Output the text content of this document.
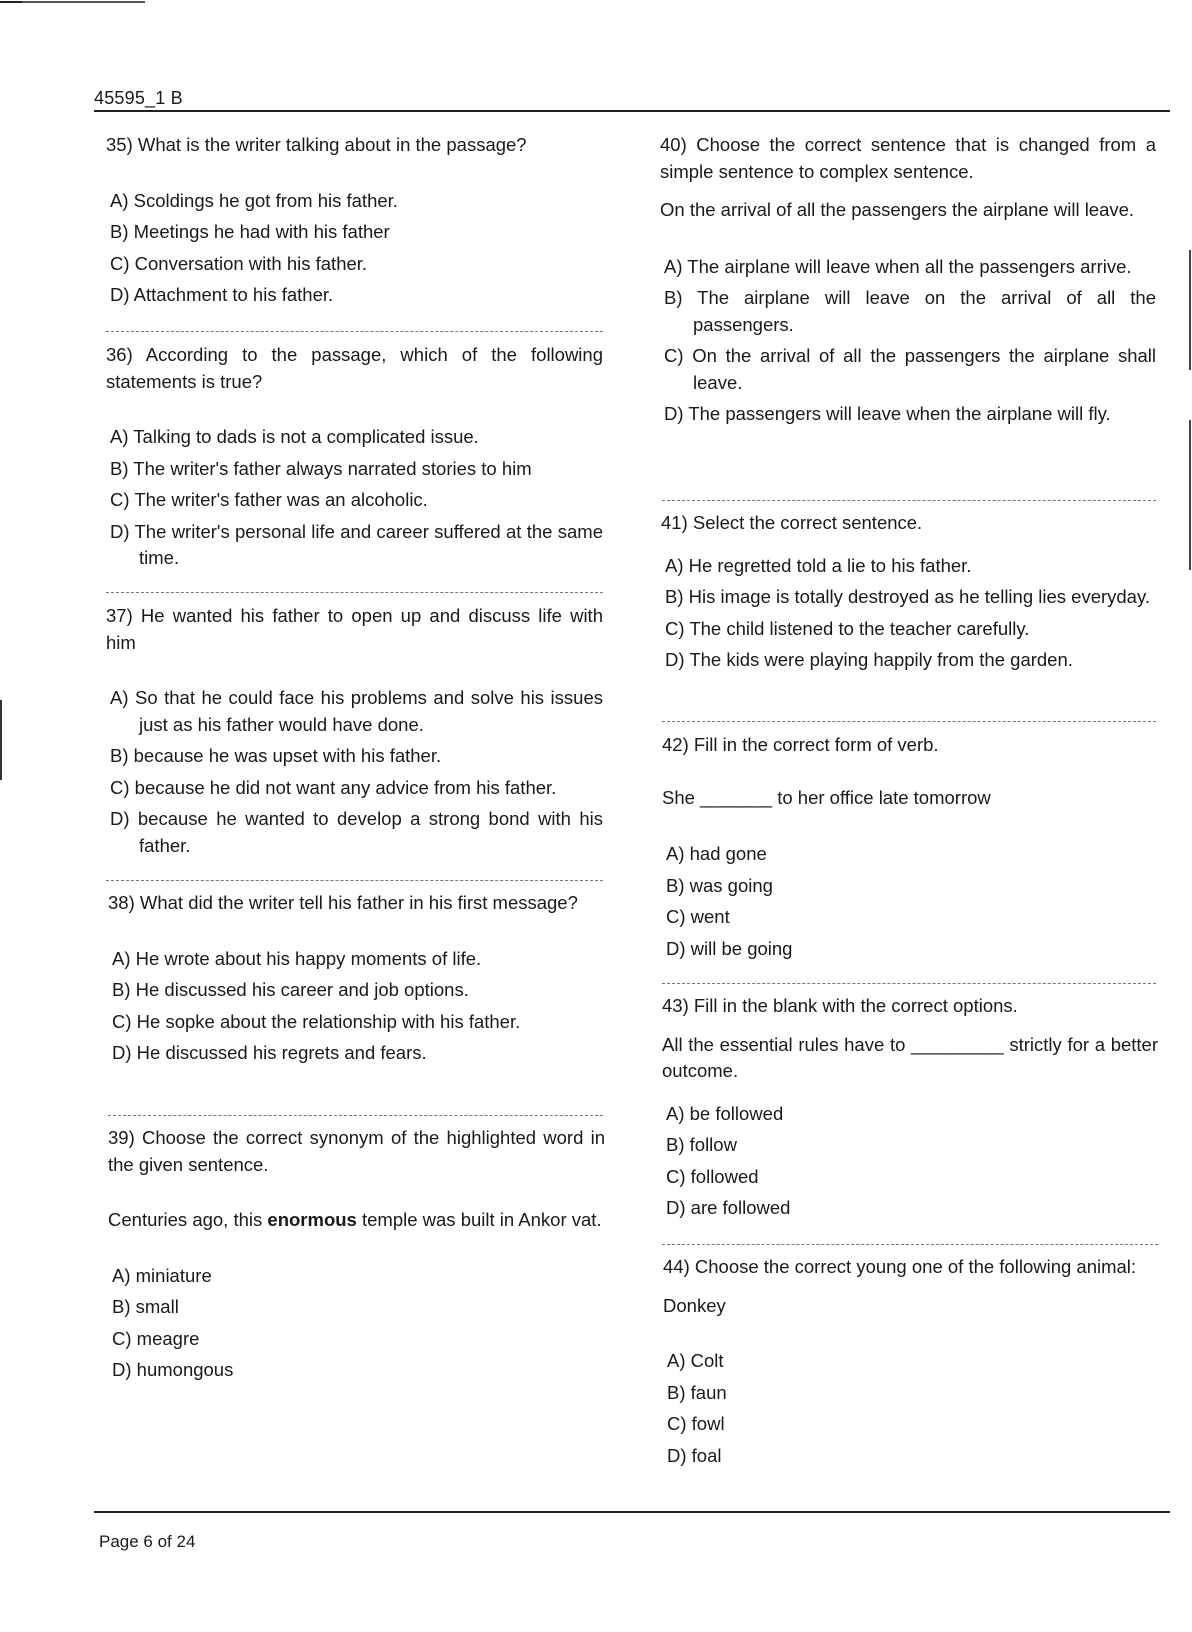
45595_1 B

35) What is the writer talking about in the passage?

A) Scoldings he got from his father.

B) Meetings he had with his father

C) Conversation with his father.

D) Attachment to his father.

36) According to the passage, which of the following statements is true?

A) Talking to dads is not a complicated issue.

B) The writer's father always narrated stories to him

C) The writer's father was an alcoholic.

D) The writer's personal life and career suffered at the same time.

37) He wanted his father to open up and discuss life with him

A) So that he could face his problems and solve his issues just as his father would have done.

B) because he was upset with his father.

C) because he did not want any advice from his father.

D) because he wanted to develop a strong bond with his father.

38) What did the writer tell his father in his first message?

A) He wrote about his happy moments of life.

B) He discussed his career and job options.

C) He sopke about the relationship with his father.

D) He discussed his regrets and fears.

39) Choose the correct synonym of the highlighted word in the given sentence.

Centuries ago, this enormous temple was built in Ankor vat.

A) miniature

B) small

C) meagre

D) humongous

40) Choose the correct sentence that is changed from a simple sentence to complex sentence.

On the arrival of all the passengers the airplane will leave.

A) The airplane will leave when all the passengers arrive.

B) The airplane will leave on the arrival of all the passengers.

C) On the arrival of all the passengers the airplane shall leave.

D) The passengers will leave when the airplane will fly.

41) Select the correct sentence.

A) He regretted told a lie to his father.

B) His image is totally destroyed as he telling lies everyday.

C) The child listened to the teacher carefully.

D) The kids were playing happily from the garden.

42) Fill in the correct form of verb.

She _______ to her office late tomorrow

A) had gone

B) was going

C) went

D) will be going

43) Fill in the blank with the correct options.

All the essential rules have to _________ strictly for a better outcome.

A) be followed

B) follow

C) followed

D) are followed

44) Choose the correct young one of the following animal:

Donkey

A) Colt

B) faun

C) fowl

D) foal

Page 6 of 24
